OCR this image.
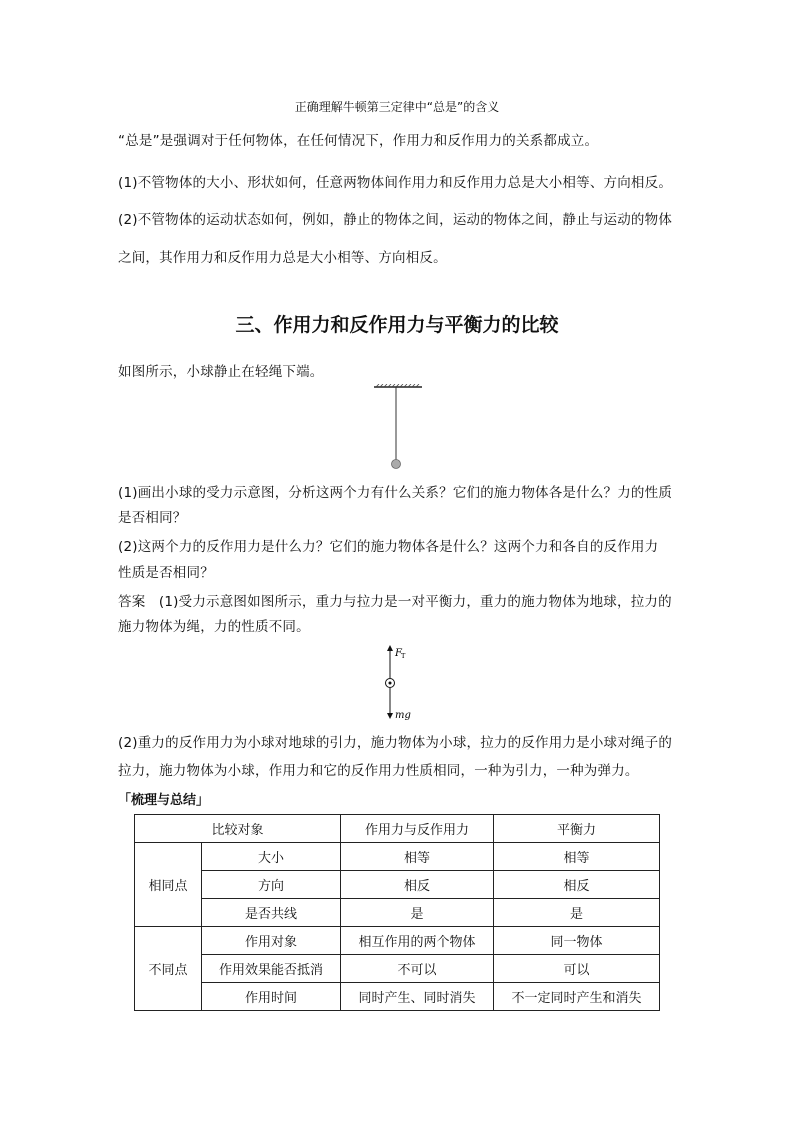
正确理解牛顿第三定律中“总是”的含义
“总是”是强调对于任何物体，在任何情况下，作用力和反作用力的关系都成立。
(1)不管物体的大小、形状如何，任意两物体间作用力和反作用力总是大小相等、方向相反。
(2)不管物体的运动状态如何，例如，静止的物体之间，运动的物体之间，静止与运动的物体
之间，其作用力和反作用力总是大小相等、方向相反。
三、作用力和反作用力与平衡力的比较
如图所示，小球静止在轻绳下端。
(1)画出小球的受力示意图，分析这两个力有什么关系？它们的施力物体各是什么？力的性质
是否相同？
(2)这两个力的反作用力是什么力？它们的施力物体各是什么？这两个力和各自的反作用力
性质是否相同？
答案 (1)受力示意图如图所示，重力与拉力是一对平衡力，重力的施力物体为地球，拉力的
施力物体为绳，力的性质不同。
F T
mg
(2)重力的反作用力为小球对地球的引力，施力物体为小球，拉力的反作用力是小球对绳子的
拉力，施力物体为小球，作用力和它的反作用力性质相同，一种为引力，一种为弹力。
「梳理与总结」
比较对象		作用力与反作用力	平衡力
相同点	大小	相等	相等
	方向	相反	相反
	是否共线	是	是
不同点	作用对象	相互作用的两个物体	同一物体
	作用效果能否抵消	不可以	可以
	作用时间	同时产生、同时消失	不一定同时产生和消失
